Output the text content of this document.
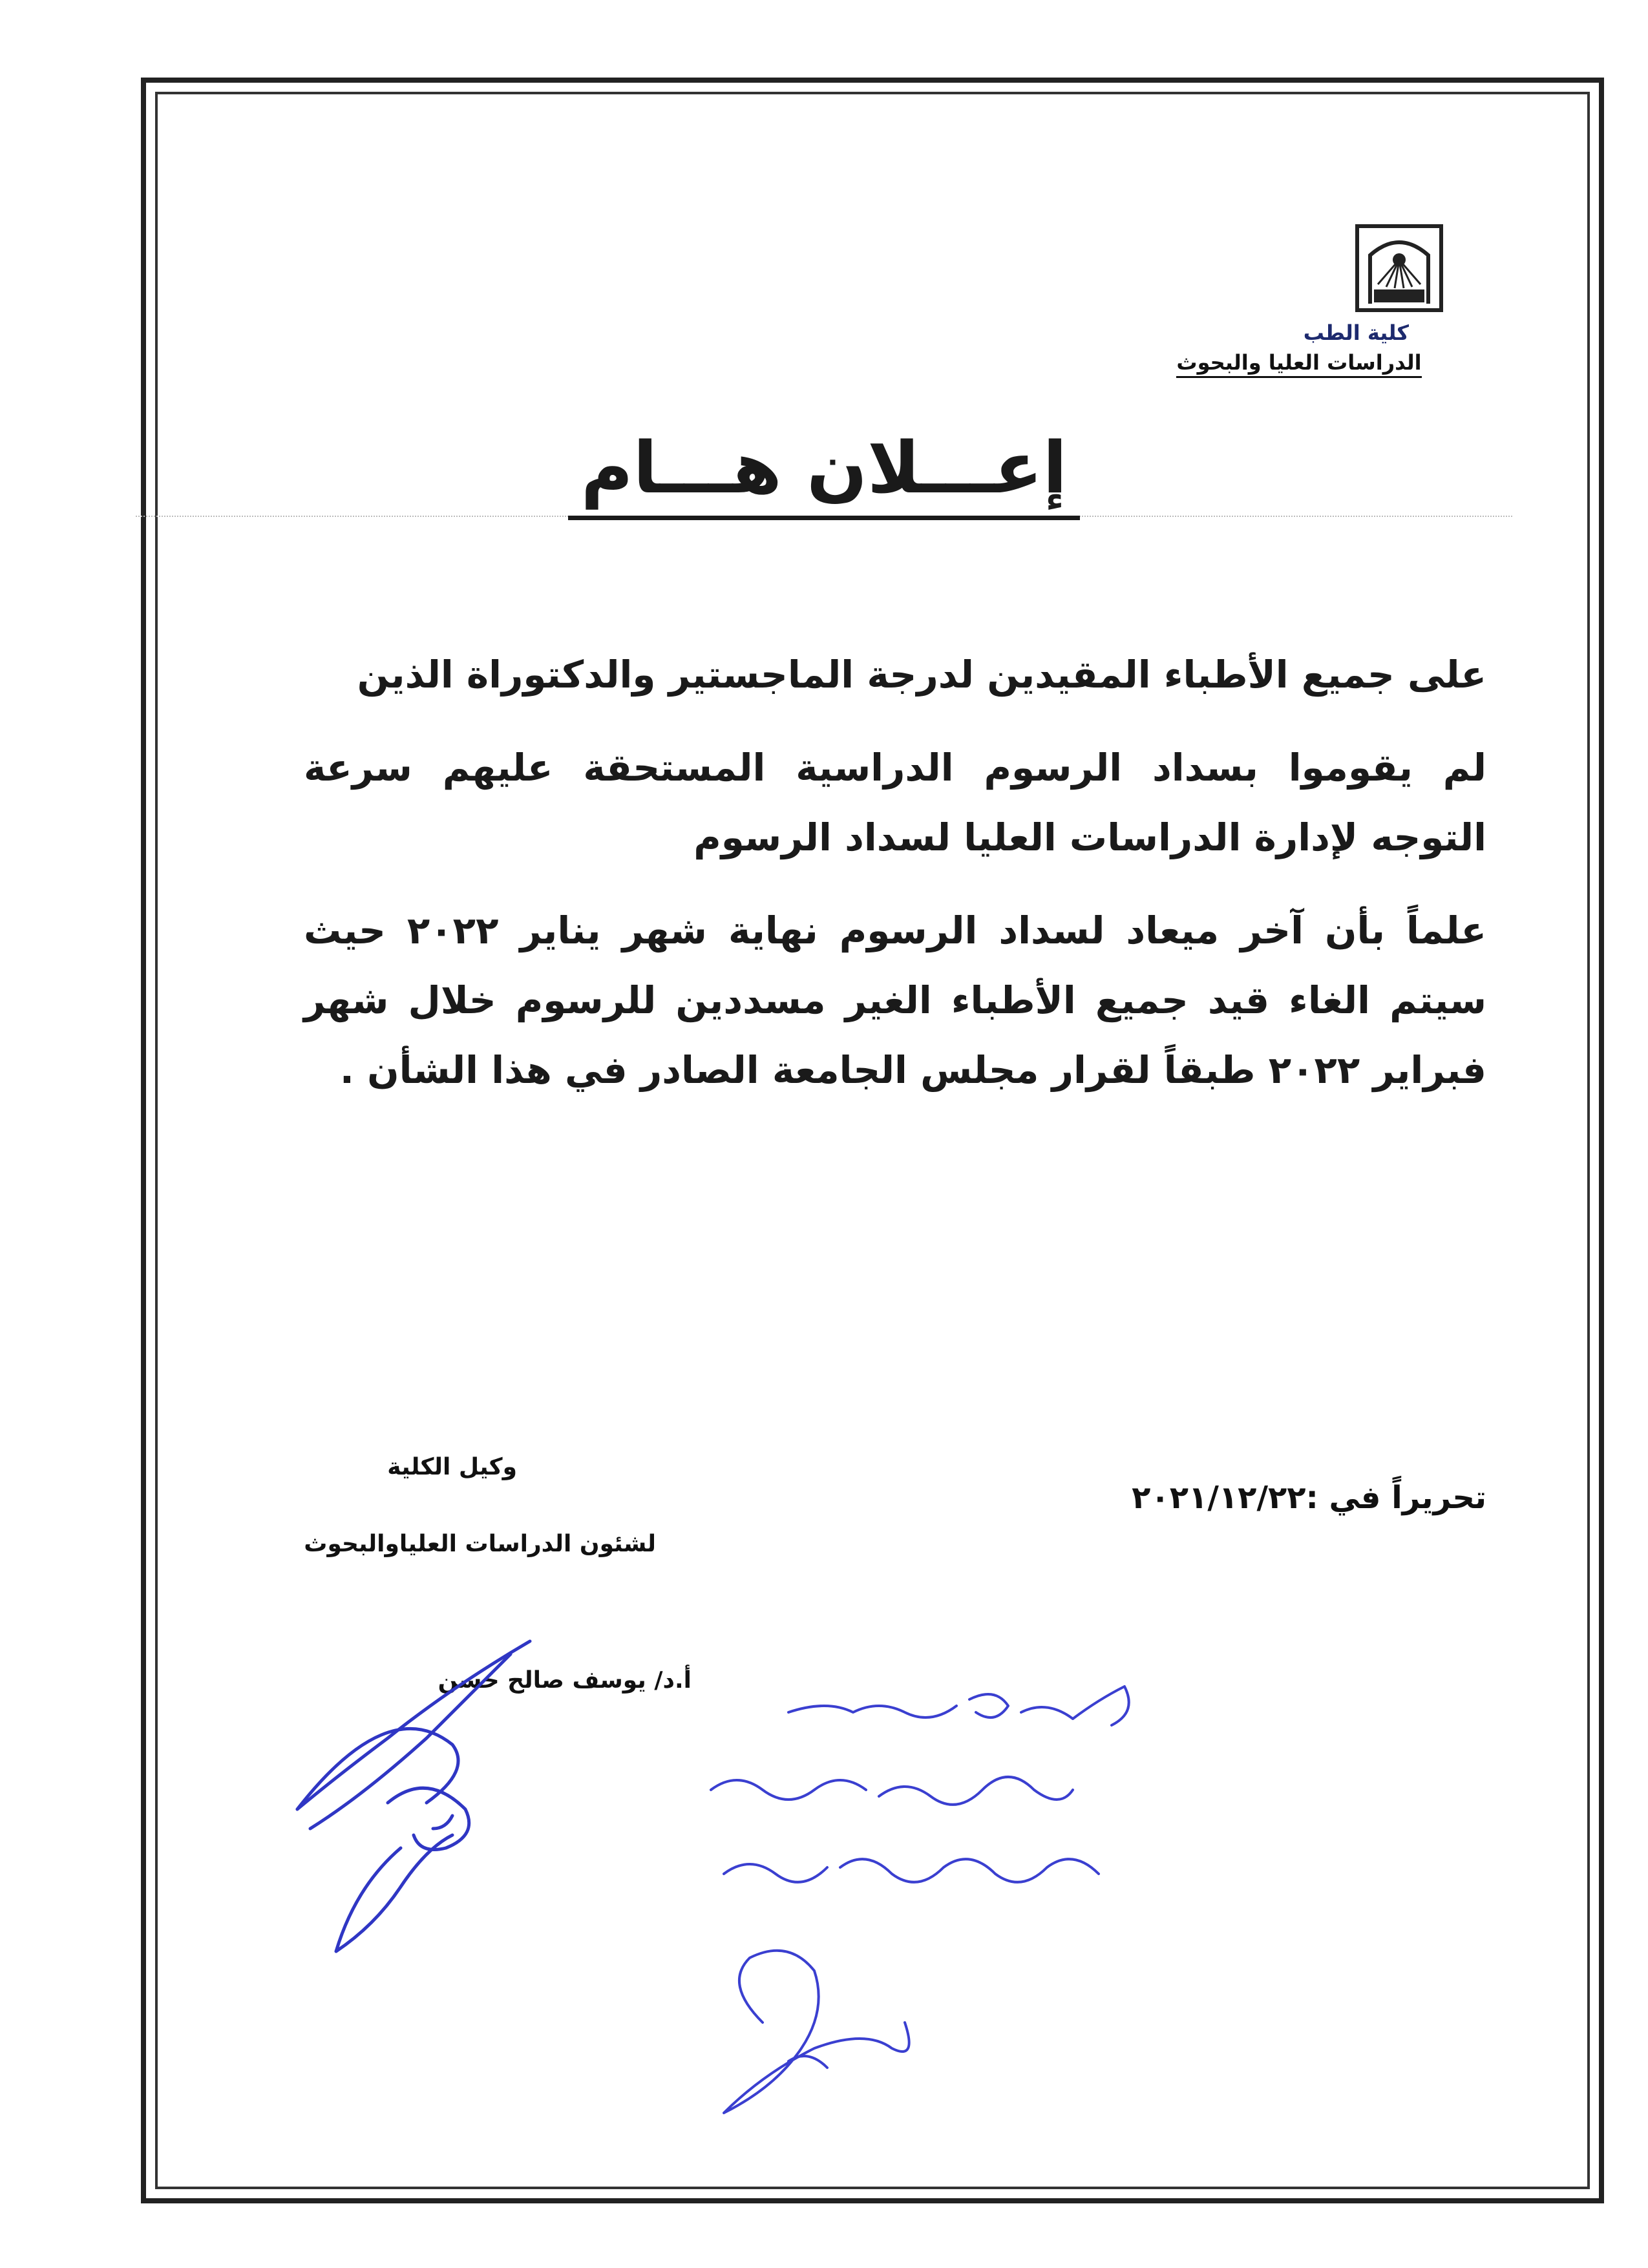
كلية الطب
الدراسات العليا والبحوث
إعـــلان هـــام
على جميع الأطباء المقيدين لدرجة الماجستير والدكتوراة الذين
لم يقوموا بسداد الرسوم الدراسية المستحقة عليهم سرعة التوجه لإدارة الدراسات العليا لسداد الرسوم
علماً بأن آخر ميعاد لسداد الرسوم نهاية شهر يناير ٢٠٢٢ حيث سيتم الغاء قيد جميع الأطباء الغير مسددين للرسوم خلال شهر فبراير ٢٠٢٢ طبقاً لقرار مجلس الجامعة الصادر في هذا الشأن .
تحريراً في :٢٠٢١/١٢/٢٢
وكيل الكلية
لشئون الدراسات العلياوالبحوث
أ.د/ يوسف صالح حسن
